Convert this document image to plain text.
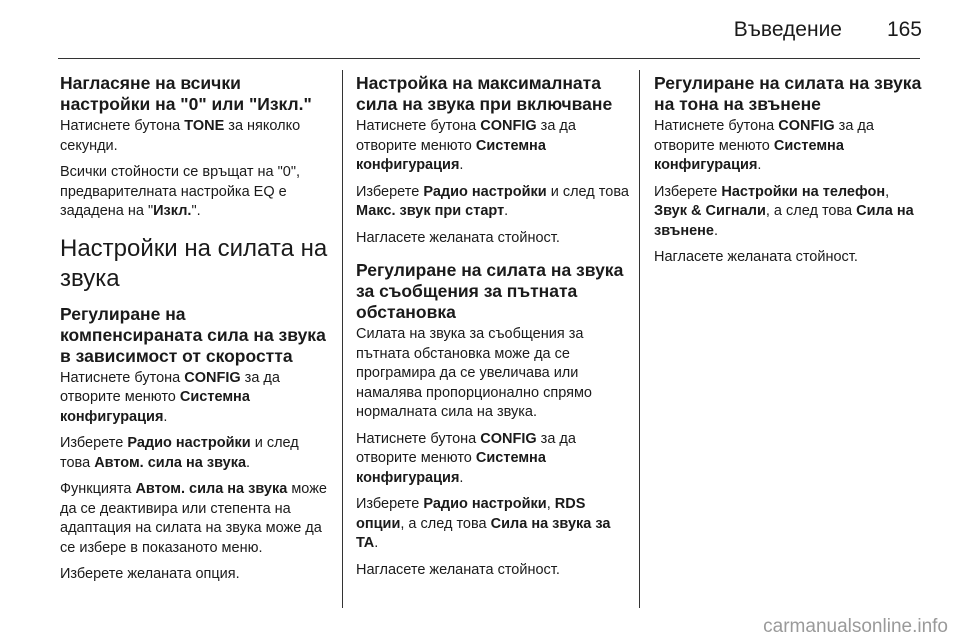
Въведение 165
Нагласяне на всички настройки на "0" или "Изкл."

Натиснете бутона TONE за няколко секунди.

Всички стойности се връщат на "0", предварителната настройка EQ е зададена на "Изкл.".

Настройки на силата на звука
Регулиране на компенсираната сила на звука в зависимост от скоростта

Натиснете бутона CONFIG за да отворите менюто Системна конфигурация.

Изберете Радио настройки и след това Автом. сила на звука.

Функцията Автом. сила на звука може да се деактивира или степента на адаптация на силата на звука може да се избере в показаното меню.

Изберете желаната опция.

Настройка на максималната сила на звука при включване

Натиснете бутона CONFIG за да отворите менюто Системна конфигурация.

Изберете Радио настройки и след това Макс. звук при старт.

Нагласете желаната стойност.

Регулиране на силата на звука за съобщения за пътната обстановка

Силата на звука за съобщения за пътната обстановка може да се програмира да се увеличава или намалява пропорционално спрямо нормалната сила на звука.

Натиснете бутона CONFIG за да отворите менюто Системна конфигурация.

Изберете Радио настройки, RDS опции, а след това Сила на звука за TA.

Нагласете желаната стойност.

Регулиране на силата на звука на тона на звънене

Натиснете бутона CONFIG за да отворите менюто Системна конфигурация.

Изберете Настройки на телефон, Звук & Сигнали, а след това Сила на звънене.

Нагласете желаната стойност.

carmanualsonline.info
